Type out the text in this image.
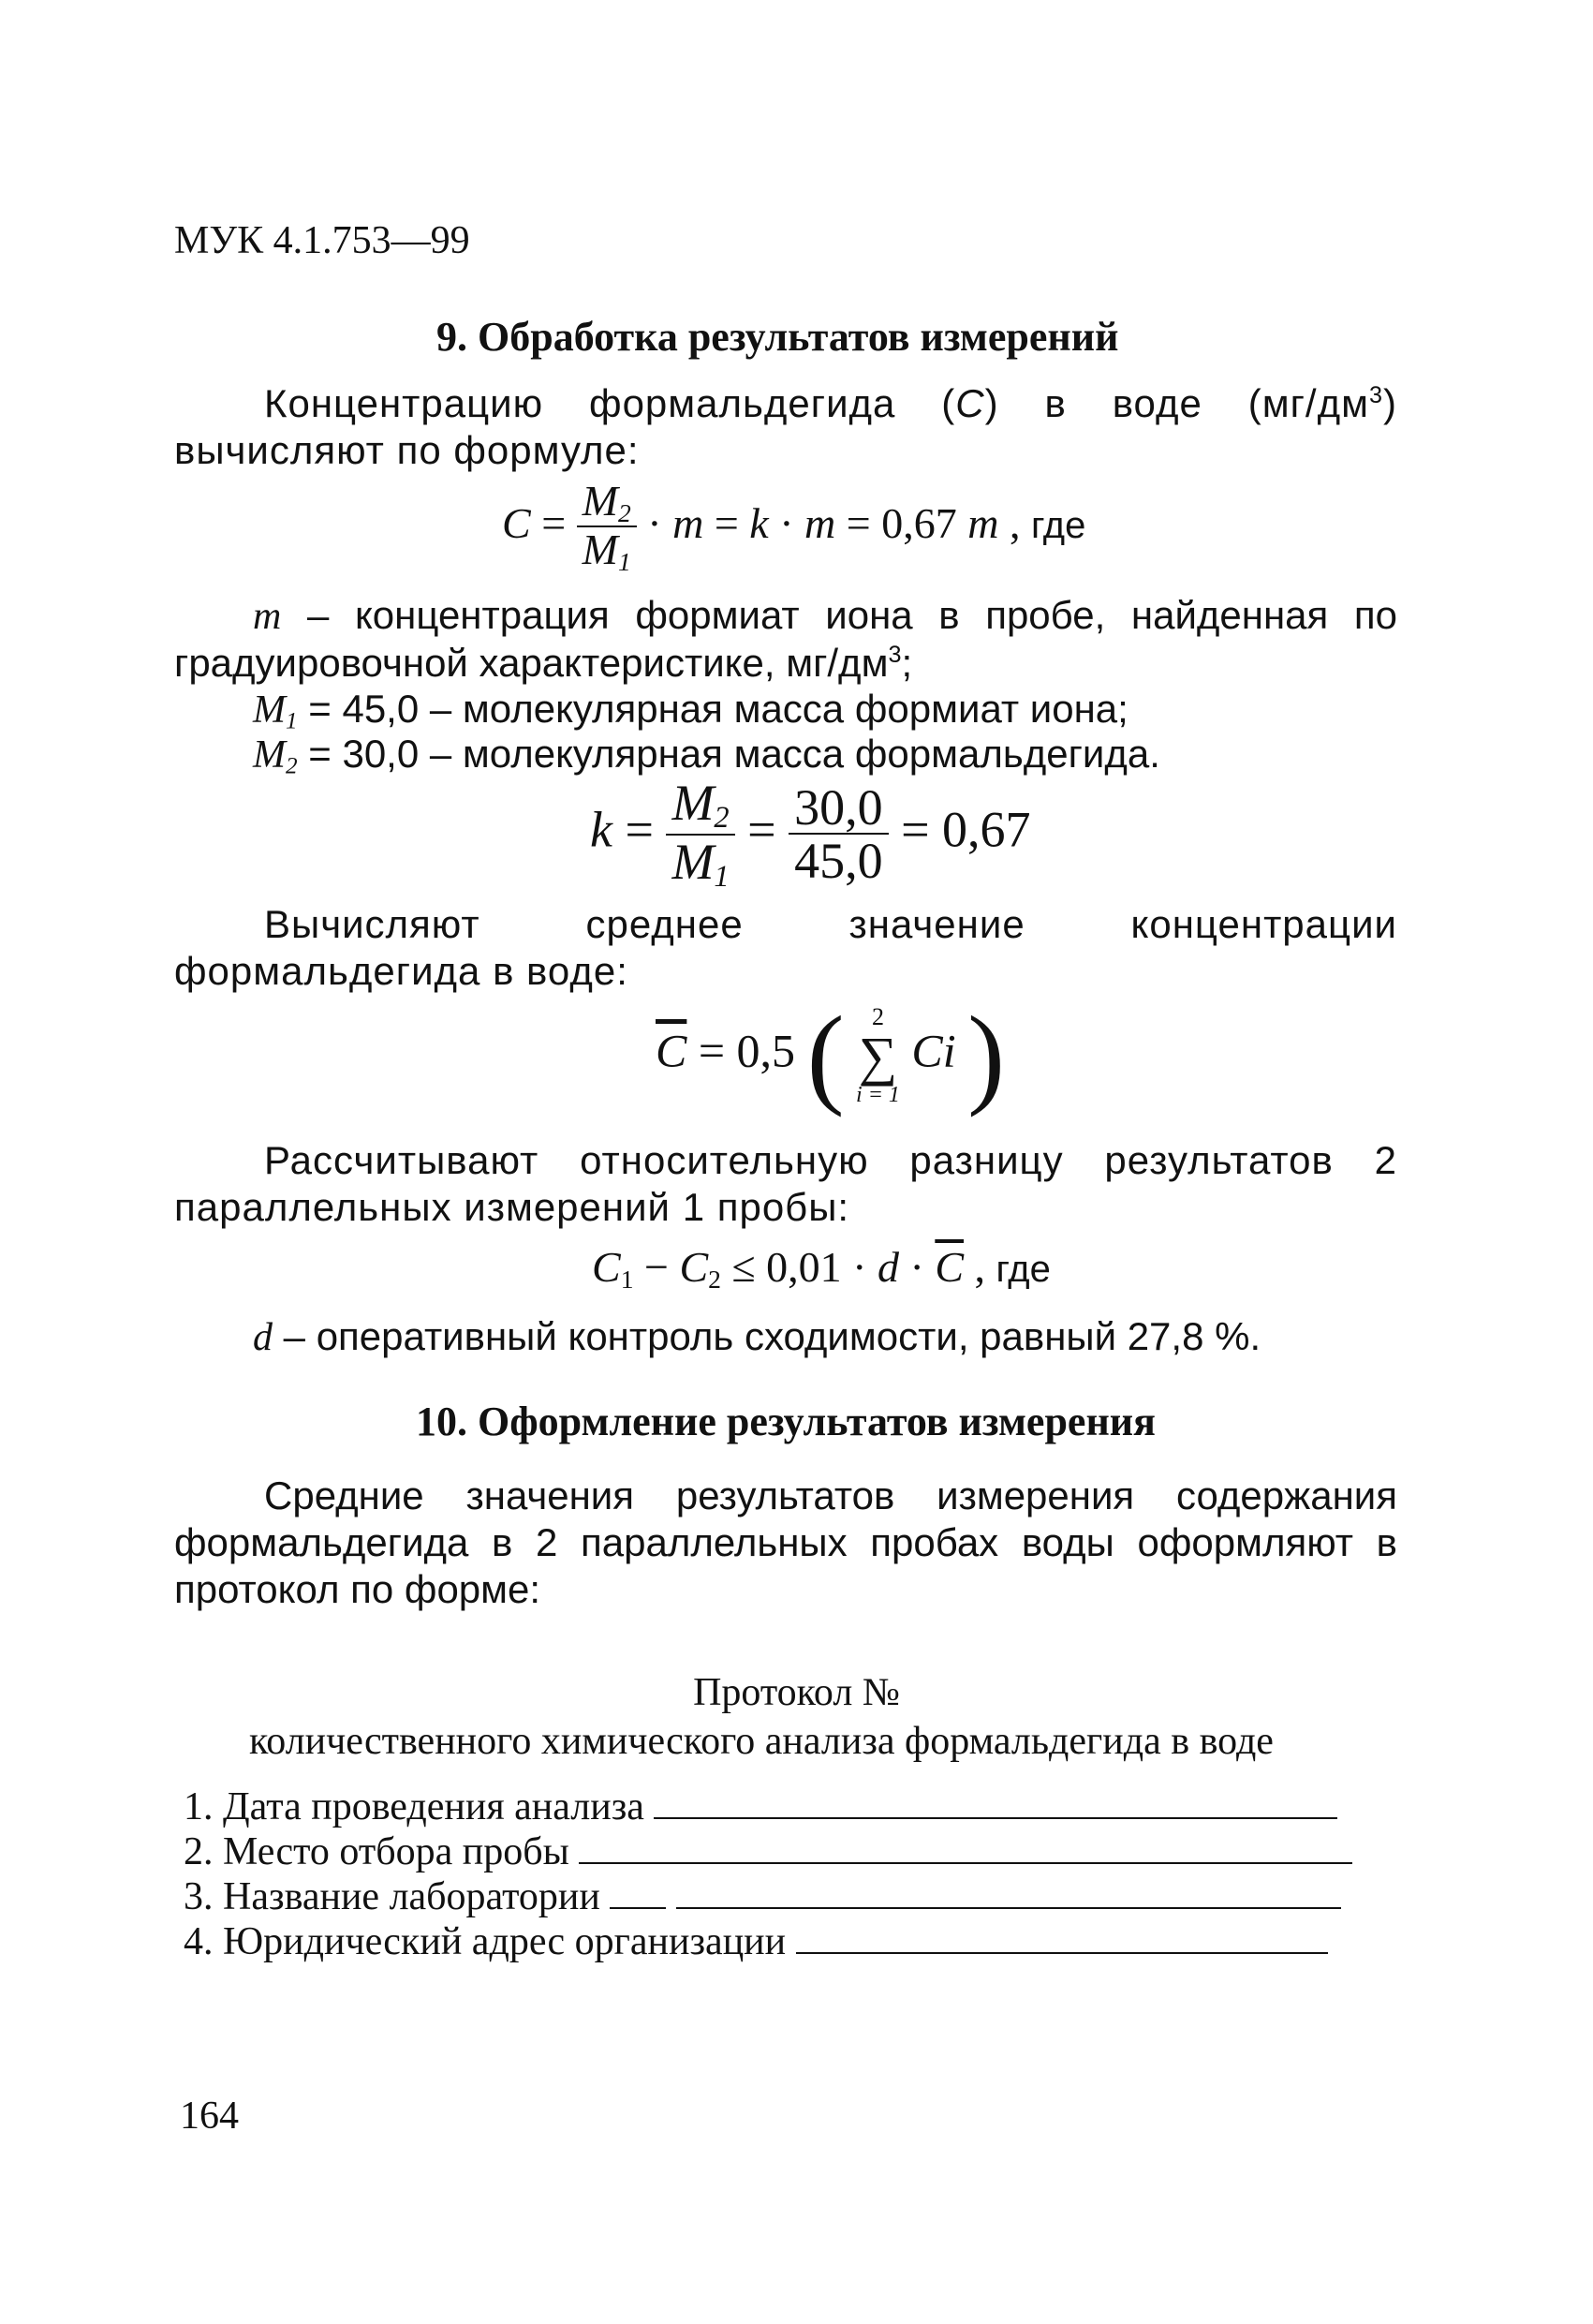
МУК 4.1.753—99
9. Обработка результатов измерений
Концентрацию формальдегида (С) в воде $(мг/дм^3)$ вычисляют по формуле:
$C = \frac{M_2}{M_1} \cdot m = k \cdot m = 0,67$ m , где
m – концентрация формиат иона в пробе, найденная по градуировочной характеристике, $мг/дм^3$;
$M_1 = 45,0$ – молекулярная масса формиат иона;
$M_2 = 30,0$ – молекулярная масса формальдегида.
$k = \frac{M_2}{M_1} = \frac{30,0}{45,0} = 0,67$
Вычисляют среднее значение концентрации формальдегида в воде:
$\overline{C} = 0,5$ (	2
∑
i = 1
Ci )
Рассчитывают относительную разницу результатов 2 параллельных измерений 1 пробы:
$C_1 - C_2 \le 0,01 \cdot d \cdot \overline{C}$ , где
d – оперативный контроль сходимости, равный 27,8 %.
10. Оформление результатов измерения
Средние значения результатов измерения содержания формальдегида в 2 параллельных пробах воды оформляют в протокол по форме:
Протокол №
количественного химического анализа формальдегида в воде
1. Дата проведения анализа
2. Место отбора пробы
3. Название лаборатории
4. Юридический адрес организации
164
